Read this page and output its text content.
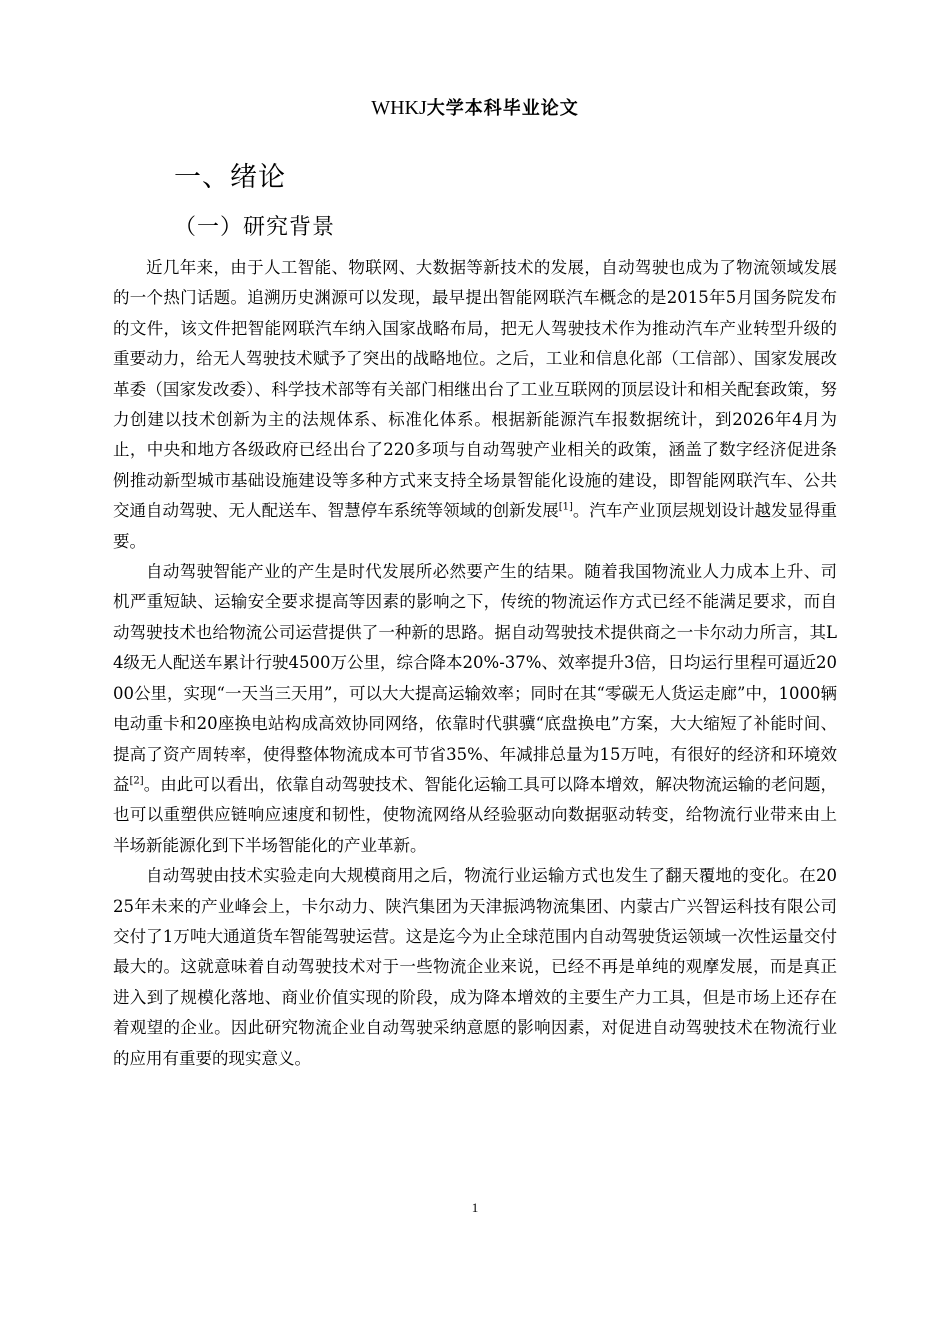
WHKJ大学本科毕业论文
一、绪论
（一）研究背景

近几年来，由于人工智能、物联网、大数据等新技术的发展，自动驾驶也成为了物流领域发展的一个热门话题。追溯历史渊源可以发现，最早提出智能网联汽车概念的是2015年5月国务院发布的文件，该文件把智能网联汽车纳入国家战略布局，把无人驾驶技术作为推动汽车产业转型升级的重要动力，给无人驾驶技术赋予了突出的战略地位。之后，工业和信息化部（工信部）、国家发展改革委（国家发改委）、科学技术部等有关部门相继出台了工业互联网的顶层设计和相关配套政策，努力创建以技术创新为主的法规体系、标准化体系。根据新能源汽车报数据统计，到2026年4月为止，中央和地方各级政府已经出台了220多项与自动驾驶产业相关的政策，涵盖了数字经济促进条例推动新型城市基础设施建设等多种方式来支持全场景智能化设施的建设，即智能网联汽车、公共交通自动驾驶、无人配送车、智慧停车系统等领域的创新发展[1]。汽车产业顶层规划设计越发显得重要。

自动驾驶智能产业的产生是时代发展所必然要产生的结果。随着我国物流业人力成本上升、司机严重短缺、运输安全要求提高等因素的影响之下，传统的物流运作方式已经不能满足要求，而自动驾驶技术也给物流公司运营提供了一种新的思路。据自动驾驶技术提供商之一卡尔动力所言，其L4级无人配送车累计行驶4500万公里，综合降本20%-37%、效率提升3倍，日均运行里程可逼近2000公里，实现“一天当三天用”，可以大大提高运输效率；同时在其“零碳无人货运走廊”中，1000辆电动重卡和20座换电站构成高效协同网络，依靠时代骐骥“底盘换电”方案，大大缩短了补能时间、提高了资产周转率，使得整体物流成本可节省35%、年减排总量为15万吨，有很好的经济和环境效益[2]。由此可以看出，依靠自动驾驶技术、智能化运输工具可以降本增效，解决物流运输的老问题，也可以重塑供应链响应速度和韧性，使物流网络从经验驱动向数据驱动转变，给物流行业带来由上半场新能源化到下半场智能化的产业革新。

自动驾驶由技术实验走向大规模商用之后，物流行业运输方式也发生了翻天覆地的变化。在2025年未来的产业峰会上，卡尔动力、陕汽集团为天津振鸿物流集团、内蒙古广兴智运科技有限公司交付了1万吨大通道货车智能驾驶运营。这是迄今为止全球范围内自动驾驶货运领域一次性运量交付最大的。这就意味着自动驾驶技术对于一些物流企业来说，已经不再是单纯的观摩发展，而是真正进入到了规模化落地、商业价值实现的阶段，成为降本增效的主要生产力工具，但是市场上还存在着观望的企业。因此研究物流企业自动驾驶采纳意愿的影响因素，对促进自动驾驶技术在物流行业的应用有重要的现实意义。

1
